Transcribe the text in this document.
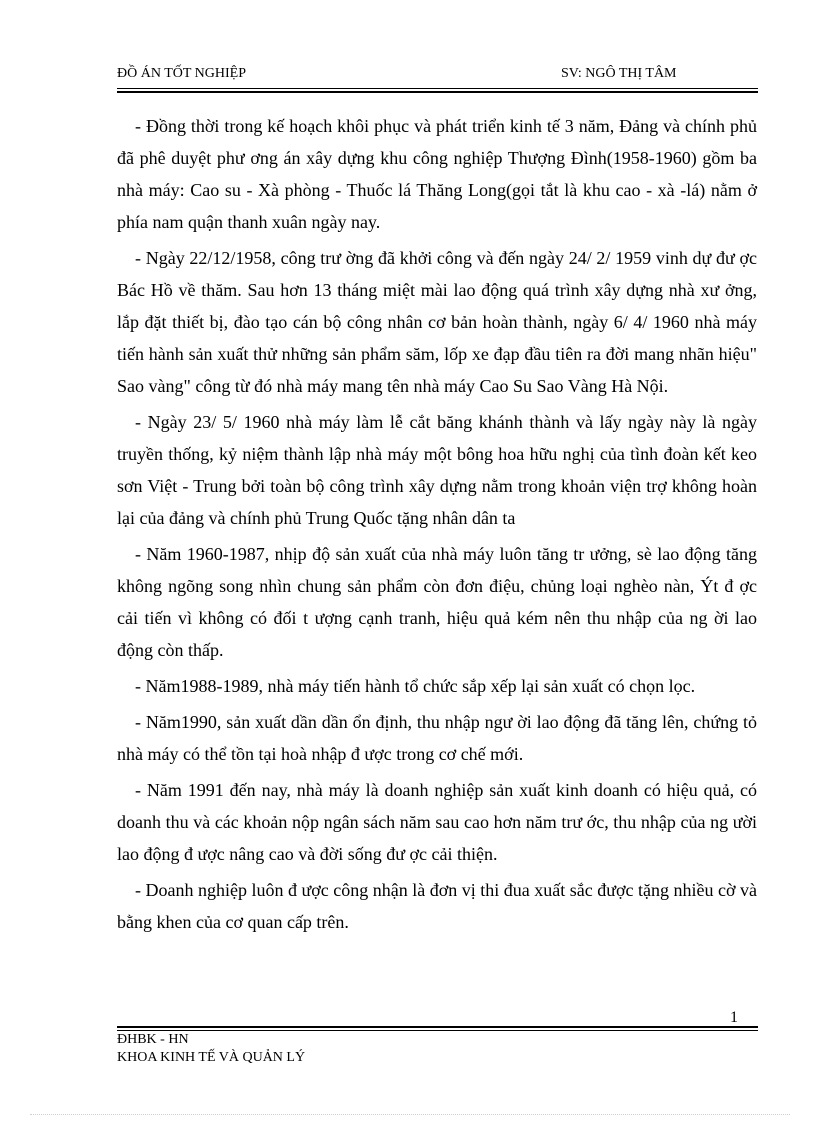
ĐỒ ÁN TỐT NGHIỆP	SV: NGÔ THỊ TÂM

- Đồng thời trong kế hoạch khôi phục và phát triển kinh tế 3 năm, Đảng và chính phủ đã phê duyệt phư ơng án xây dựng khu công nghiệp Thượng Đình(1958-1960) gồm ba nhà máy: Cao su - Xà phòng - Thuốc lá Thăng Long(gọi tắt là khu cao - xà -lá) nằm ở phía nam quận thanh xuân ngày nay.

- Ngày 22/12/1958, công trư ờng đã khởi công và đến ngày 24/ 2/ 1959 vinh dự đư ợc Bác Hồ về thăm. Sau hơn 13 tháng miệt mài lao động quá trình xây dựng nhà xư ởng, lắp đặt thiết bị, đào tạo cán bộ công nhân cơ bản hoàn thành, ngày 6/ 4/ 1960 nhà máy tiến hành sản xuất thử những sản phẩm săm, lốp xe đạp đầu tiên ra đời mang nhãn hiệu" Sao vàng" công từ đó nhà máy mang tên nhà máy Cao Su Sao Vàng Hà Nội.

- Ngày 23/ 5/ 1960 nhà máy làm lễ cắt băng khánh thành và lấy ngày này là ngày truyền thống, kỷ niệm thành lập nhà máy một bông hoa hữu nghị của tình đoàn kết keo sơn Việt - Trung bởi toàn bộ công trình xây dựng nằm trong khoản viện trợ không hoàn lại của đảng và chính phủ Trung Quốc tặng nhân dân ta

- Năm 1960-1987, nhịp độ sản xuất của nhà máy luôn tăng tr ưởng, sè lao động tăng không ngõng song nhìn chung sản phẩm còn đơn điệu, chủng loại nghèo nàn, Ýt đ ợc cải tiến vì không có đối t ượng cạnh tranh, hiệu quả kém nên thu nhập của ng ời lao động còn thấp.

- Năm1988-1989, nhà máy tiến hành tổ chức sắp xếp lại sản xuất có chọn lọc.

- Năm1990, sản xuất dần dần ổn định, thu nhập ngư ời lao động đã tăng lên, chứng tỏ nhà máy có thể tồn tại hoà nhập đ ược trong cơ chế mới.

- Năm 1991 đến nay, nhà máy là doanh nghiệp sản xuất kinh doanh có hiệu quả, có doanh thu và các khoản nộp ngân sách năm sau cao hơn năm trư ớc, thu nhập của ng ười lao động đ ược nâng cao và đời sống đư ợc cải thiện.

- Doanh nghiệp luôn đ ược công nhận là đơn vị thi đua xuất sắc được tặng nhiều cờ và bằng khen của cơ quan cấp trên.

1
ĐHBK - HN
KHOA KINH TẾ VÀ QUẢN LÝ
